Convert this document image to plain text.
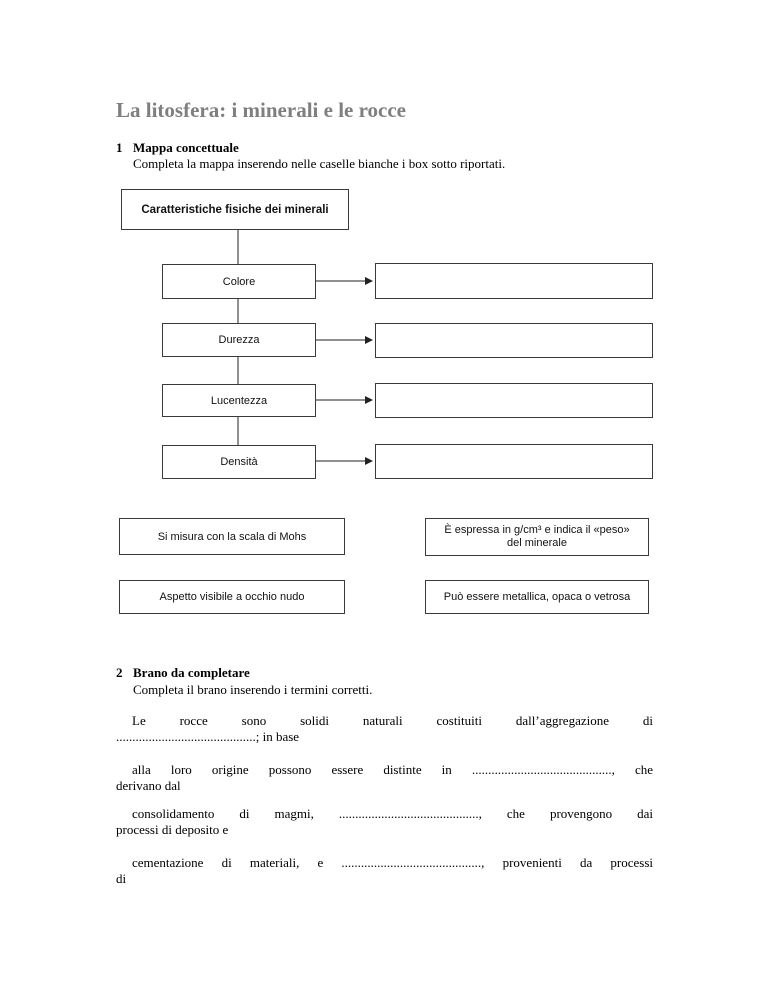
La litosfera: i minerali e le rocce
1 Mappa concettuale
Completa la mappa inserendo nelle caselle bianche i box sotto riportati.
Caratteristiche fisiche dei minerali
Colore
Durezza
Lucentezza
Densità
Si misura con la scala di Mohs
È espressa in g/cm³ e indica il «peso» del minerale
Aspetto visibile a occhio nudo	Può essere metallica, opaca o vetrosa
2 Brano da completare
Completa il brano inserendo i termini corretti.
Le rocce sono solidi naturali costituiti dall’aggregazione di
...........................................; in base
alla loro origine possono essere distinte in ..........................................., che
derivano dal
consolidamento di magmi, ..........................................., che provengono dai
processi di deposito e
cementazione di materiali, e ..........................................., provenienti da processi
di
